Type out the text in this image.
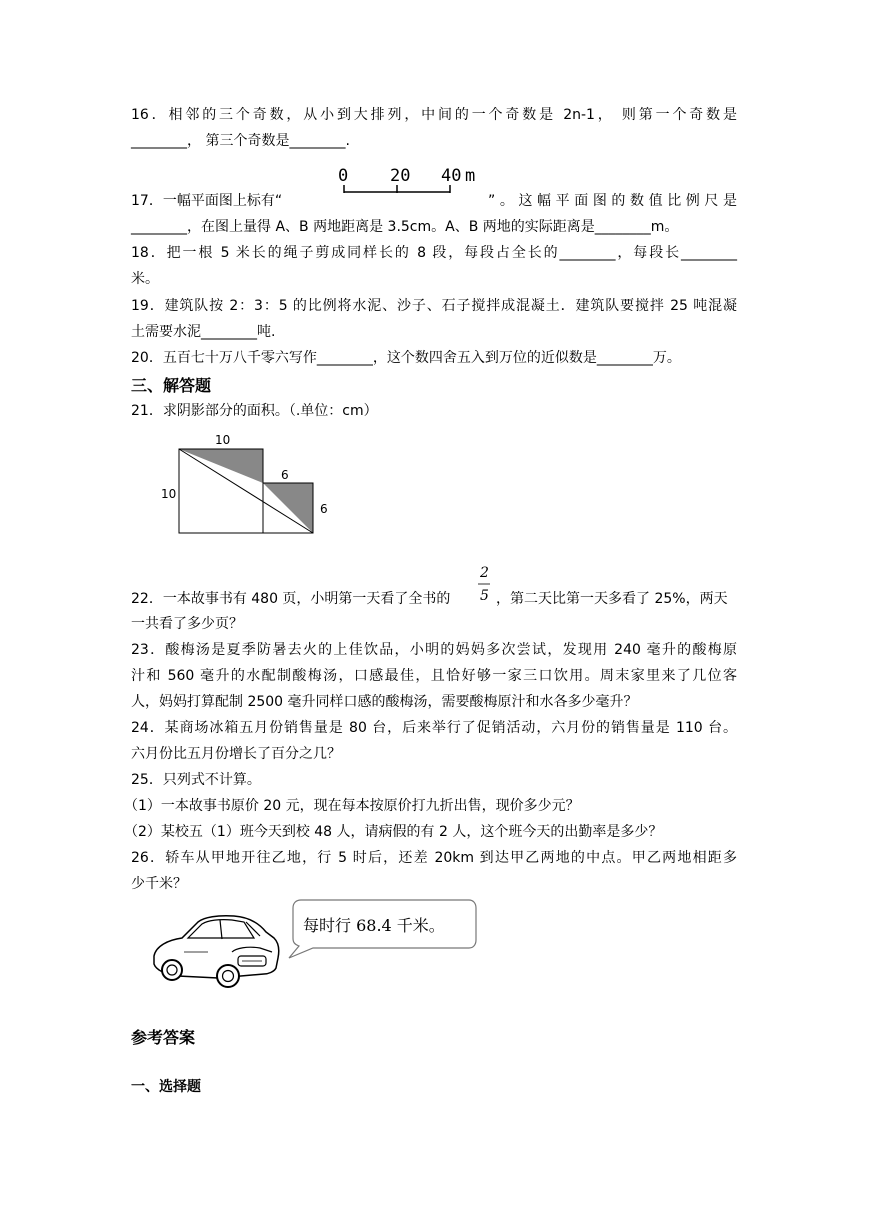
16．相邻的三个奇数，从小到大排列，中间的一个奇数是 2n-1， 则第一个奇数是
________， 第三个奇数是________.
17．一幅平面图上标有“
0 20 40 m
”。这幅平面图的数值比例尺是
________，在图上量得 A、B 两地距离是 3.5cm。A、B 两地的实际距离是________m。
18．把一根 5 米长的绳子剪成同样长的 8 段，每段占全长的________，每段长________
米。
19．建筑队按 2：3：5 的比例将水泥、沙子、石子搅拌成混凝土．建筑队要搅拌 25 吨混凝
土需要水泥________吨.
20．五百七十万八千零六写作________，这个数四舍五入到万位的近似数是________万。
三、解答题
21．求阴影部分的面积。（.单位：cm）
10
10
6
6
22．一本故事书有 480 页，小明第一天看了全书的
2
5 ，第二天比第一天多看了 25%，两天
一共看了多少页？
23．酸梅汤是夏季防暑去火的上佳饮品，小明的妈妈多次尝试，发现用 240 毫升的酸梅原
汁和 560 毫升的水配制酸梅汤，口感最佳，且恰好够一家三口饮用。周末家里来了几位客
人，妈妈打算配制 2500 毫升同样口感的酸梅汤，需要酸梅原汁和水各多少毫升？
24．某商场冰箱五月份销售量是 80 台，后来举行了促销活动，六月份的销售量是 110 台。
六月份比五月份增长了百分之几？
25．只列式不计算。
（1）一本故事书原价 20 元，现在每本按原价打九折出售，现价多少元？
（2）某校五（1）班今天到校 48 人，请病假的有 2 人，这个班今天的出勤率是多少？
26．轿车从甲地开往乙地，行 5 时后，还差 20km 到达甲乙两地的中点。甲乙两地相距多
少千米？
每时行 68.4 千米。
参考答案
一、选择题
